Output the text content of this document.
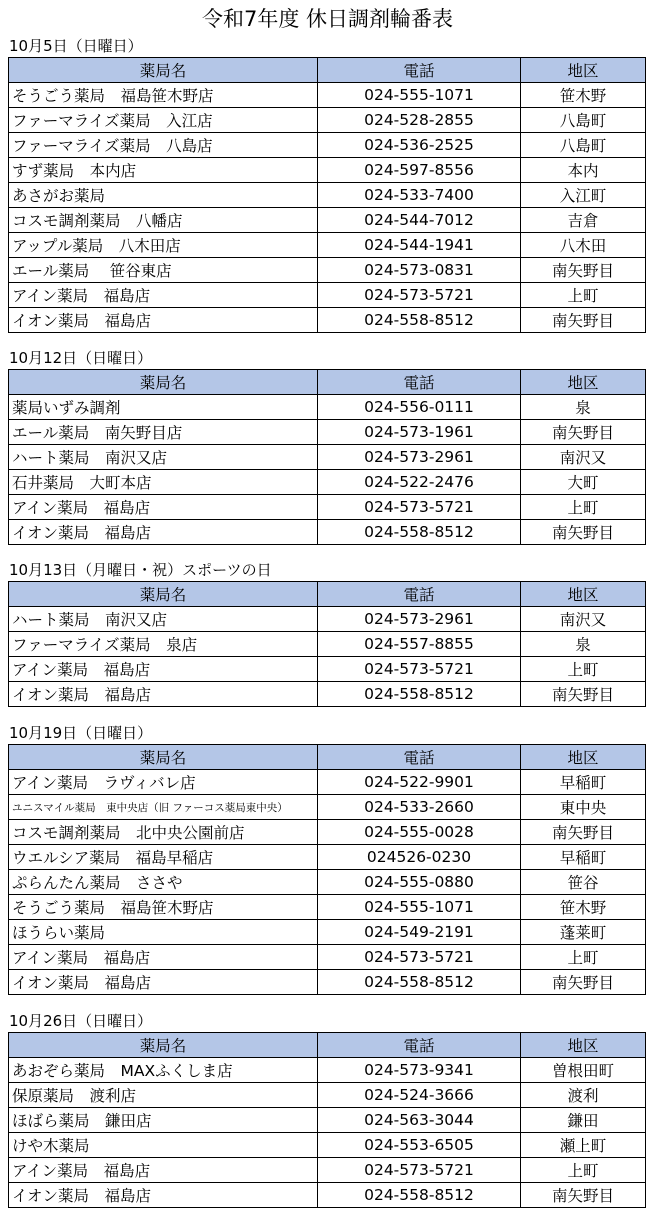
令和7年度 休日調剤輪番表
10月5日（日曜日）
薬局名	電話	地区
そうごう薬局　福島笹木野店	024-555-1071	笹木野
ファーマライズ薬局　入江店	024-528-2855	八島町
ファーマライズ薬局　八島店	024-536-2525	八島町
すず薬局　本内店	024-597-8556	本内
あさがお薬局	024-533-7400	入江町
コスモ調剤薬局　八幡店	024-544-7012	吉倉
アップル薬局　八木田店	024-544-1941	八木田
エール薬局　 笹谷東店	024-573-0831	南矢野目
アイン薬局　福島店	024-573-5721	上町
イオン薬局　福島店	024-558-8512	南矢野目
10月12日（日曜日）
薬局名	電話	地区
薬局いずみ調剤	024-556-0111	泉
エール薬局　南矢野目店	024-573-1961	南矢野目
ハート薬局　南沢又店	024-573-2961	南沢又
石井薬局　大町本店	024-522-2476	大町
アイン薬局　福島店	024-573-5721	上町
イオン薬局　福島店	024-558-8512	南矢野目
10月13日（月曜日・祝）スポーツの日
薬局名	電話	地区
ハート薬局　南沢又店	024-573-2961	南沢又
ファーマライズ薬局　泉店	024-557-8855	泉
アイン薬局　福島店	024-573-5721	上町
イオン薬局　福島店	024-558-8512	南矢野目
10月19日（日曜日）
薬局名	電話	地区
アイン薬局　ラヴィバレ店	024-522-9901	早稲町
ユニスマイル薬局　東中央店（旧 ファーコス薬局東中央）	024-533-2660	東中央
コスモ調剤薬局　北中央公園前店	024-555-0028	南矢野目
ウエルシア薬局　福島早稲店	024526-0230	早稲町
ぷらんたん薬局　ささや	024-555-0880	笹谷
そうごう薬局　福島笹木野店	024-555-1071	笹木野
ほうらい薬局	024-549-2191	蓬莱町
アイン薬局　福島店	024-573-5721	上町
イオン薬局　福島店	024-558-8512	南矢野目
10月26日（日曜日）
薬局名	電話	地区
あおぞら薬局　MAXふくしま店	024-573-9341	曽根田町
保原薬局　渡利店	024-524-3666	渡利
ほばら薬局　鎌田店	024-563-3044	鎌田
けや木薬局	024-553-6505	瀬上町
アイン薬局　福島店	024-573-5721	上町
イオン薬局　福島店	024-558-8512	南矢野目
